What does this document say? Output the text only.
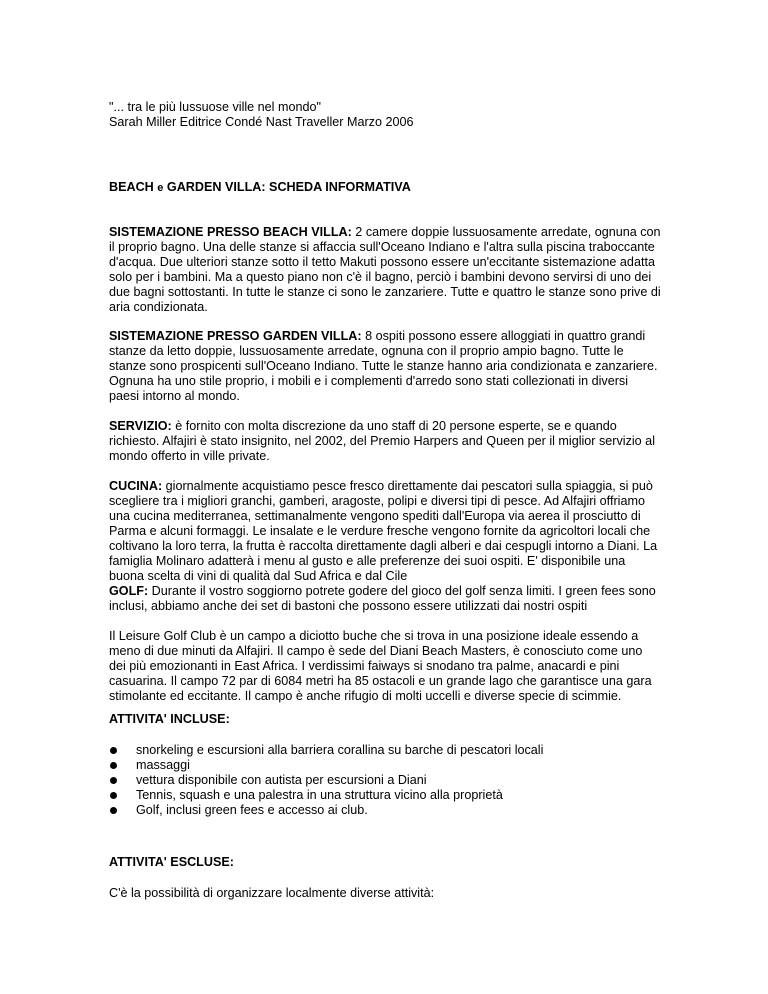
"... tra le più lussuose ville nel mondo"
Sarah Miller Editrice Condé Nast Traveller Marzo 2006
BEACH e GARDEN VILLA: SCHEDA INFORMATIVA

SISTEMAZIONE PRESSO BEACH VILLA: 2 camere doppie lussuosamente arredate, ognuna con il proprio bagno. Una delle stanze si affaccia sull'Oceano Indiano e l'altra sulla piscina traboccante d'acqua. Due ulteriori stanze sotto il tetto Makuti possono essere un'eccitante sistemazione adatta solo per i bambini. Ma a questo piano non c'è il bagno, perciò i bambini devono servirsi di uno dei due bagni sottostanti. In tutte le stanze ci sono le zanzariere. Tutte e quattro le stanze sono prive di aria condizionata.

SISTEMAZIONE PRESSO GARDEN VILLA: 8 ospiti possono essere alloggiati in quattro grandi stanze da letto doppie, lussuosamente arredate, ognuna con il proprio ampio bagno. Tutte le stanze sono prospicenti sull'Oceano Indiano. Tutte le stanze hanno aria condizionata e zanzariere. Ognuna ha uno stile proprio, i mobili e i complementi d'arredo sono stati collezionati in diversi paesi intorno al mondo.

SERVIZIO: è fornito con molta discrezione da uno staff di 20 persone esperte, se e quando richiesto. Alfajiri è stato insignito, nel 2002, del Premio Harpers and Queen per il miglior servizio al mondo offerto in ville private.

CUCINA: giornalmente acquistiamo pesce fresco direttamente dai pescatori sulla spiaggia, si può scegliere tra i migliori granchi, gamberi, aragoste, polipi e diversi tipi di pesce. Ad Alfajiri offriamo una cucina mediterranea, settimanalmente vengono spediti dall'Europa via aerea il prosciutto di Parma e alcuni formaggi. Le insalate e le verdure fresche vengono fornite da agricoltori locali che coltivano la loro terra, la frutta è raccolta direttamente dagli alberi e dai cespugli intorno a Diani. La famiglia Molinaro adatterà i menu al gusto e alle preferenze dei suoi ospiti. E' disponibile una buona scelta di vini di qualità dal Sud Africa e dal Cile

GOLF: Durante il vostro soggiorno potrete godere del gioco del golf senza limiti. I green fees sono inclusi, abbiamo anche dei set di bastoni che possono essere utilizzati dai nostri ospiti

Il Leisure Golf Club è un campo a diciotto buche che si trova in una posizione ideale essendo a meno di due minuti da Alfajiri. Il campo è sede del Diani Beach Masters, è conosciuto come uno dei più emozionanti in East Africa. I verdissimi faiways si snodano tra palme, anacardi e pini casuarina. Il campo 72 par di 6084 metri ha 85 ostacoli e un grande lago che garantisce una gara stimolante ed eccitante. Il campo è anche rifugio di molti uccelli e diverse specie di scimmie.

ATTIVITA' INCLUSE:
snorkeling e escursioni alla barriera corallina su barche di pescatori locali
massaggi
vettura disponibile con autista per escursioni a Diani
Tennis, squash e una palestra in una struttura vicino alla proprietà
Golf, inclusi green fees e accesso ai club.
ATTIVITA' ESCLUSE:
C'è la possibilità di organizzare localmente diverse attività:
